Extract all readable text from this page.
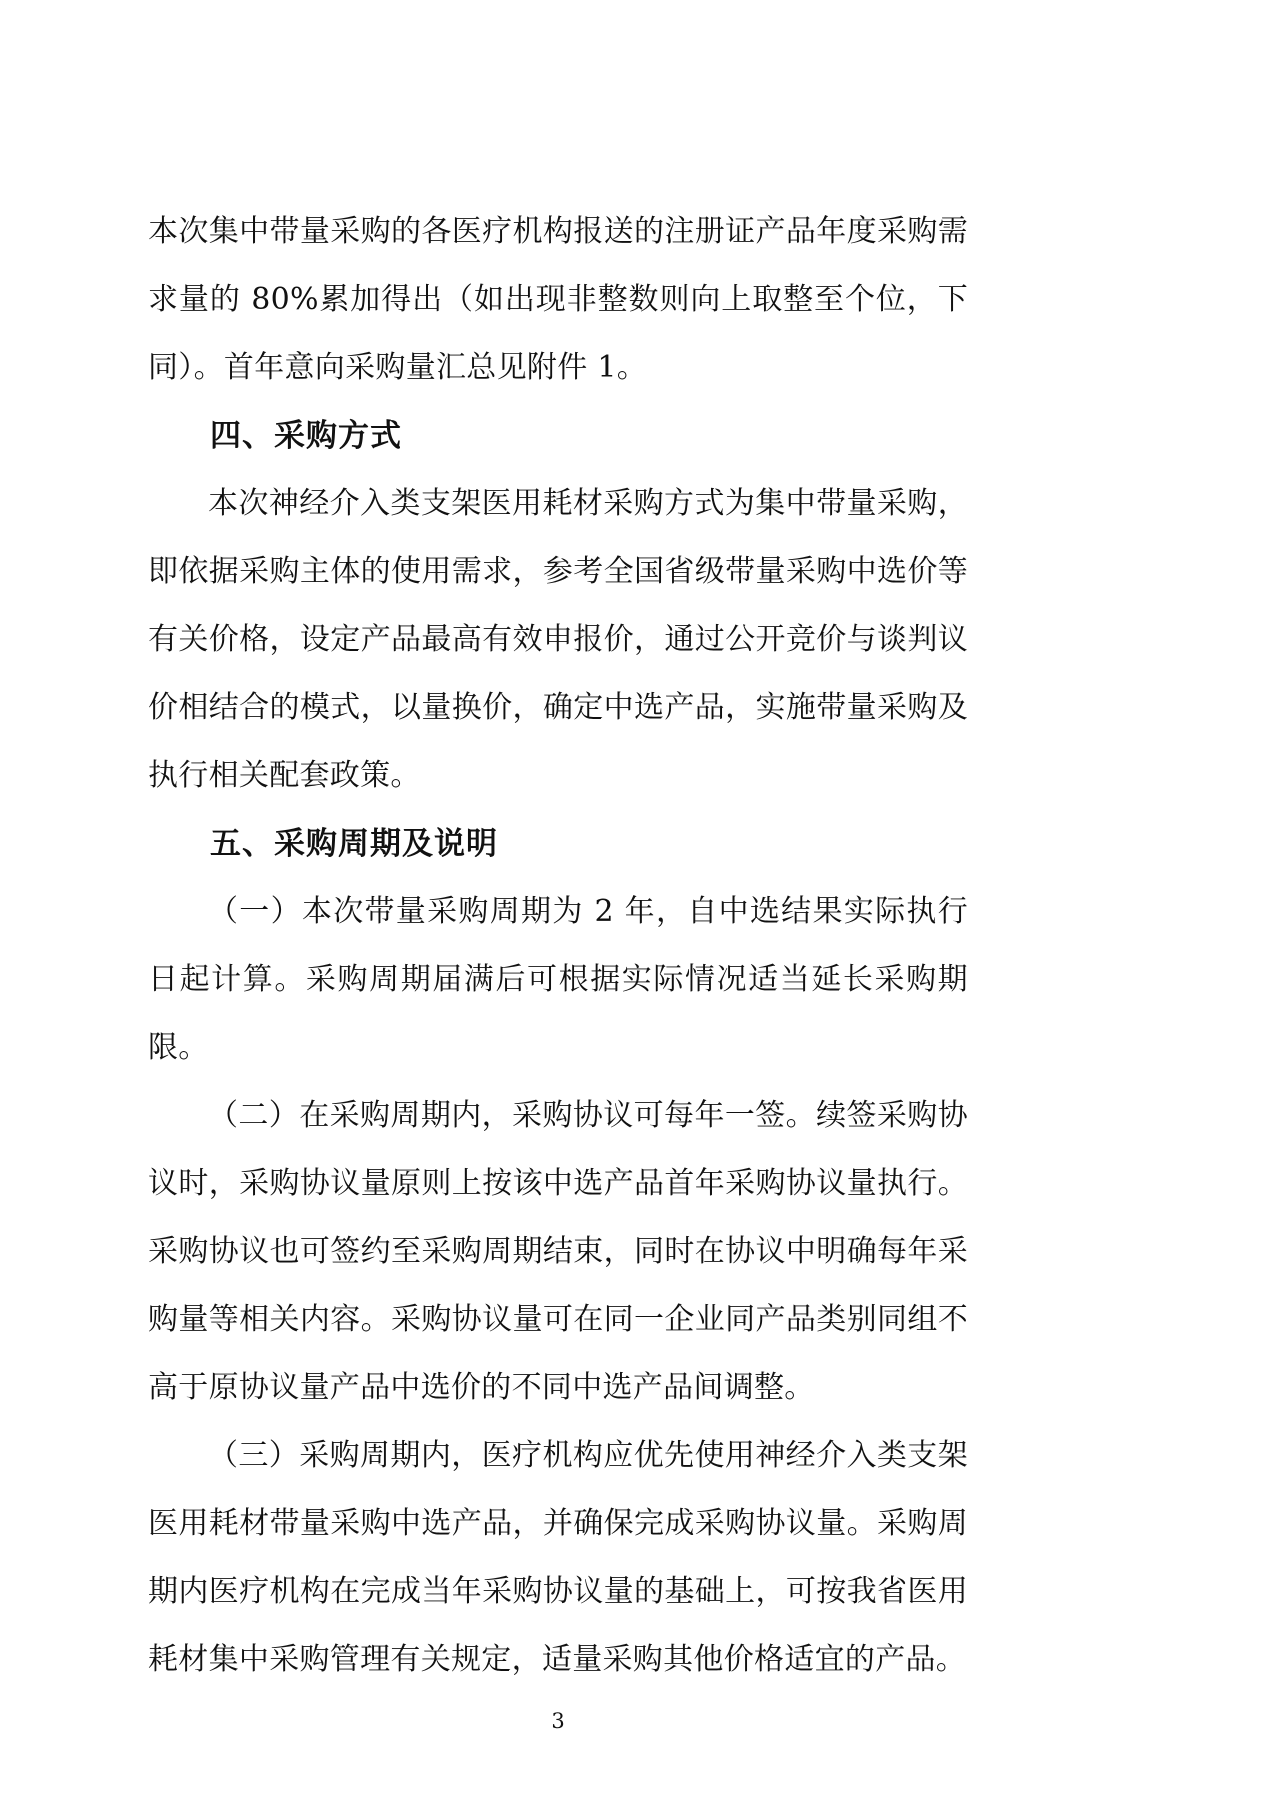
本次集中带量采购的各医疗机构报送的注册证产品年度采购需求量的 80%累加得出（如出现非整数则向上取整至个位，下同）。首年意向采购量汇总见附件 1。

四、采购方式

本次神经介入类支架医用耗材采购方式为集中带量采购，即依据采购主体的使用需求，参考全国省级带量采购中选价等有关价格，设定产品最高有效申报价，通过公开竞价与谈判议价相结合的模式，以量换价，确定中选产品，实施带量采购及执行相关配套政策。

五、采购周期及说明

（一）本次带量采购周期为 2 年，自中选结果实际执行日起计算。采购周期届满后可根据实际情况适当延长采购期限。

（二）在采购周期内，采购协议可每年一签。续签采购协议时，采购协议量原则上按该中选产品首年采购协议量执行。采购协议也可签约至采购周期结束，同时在协议中明确每年采购量等相关内容。采购协议量可在同一企业同产品类别同组不高于原协议量产品中选价的不同中选产品间调整。

（三）采购周期内，医疗机构应优先使用神经介入类支架医用耗材带量采购中选产品，并确保完成采购协议量。采购周期内医疗机构在完成当年采购协议量的基础上，可按我省医用耗材集中采购管理有关规定，适量采购其他价格适宜的产品。

3
